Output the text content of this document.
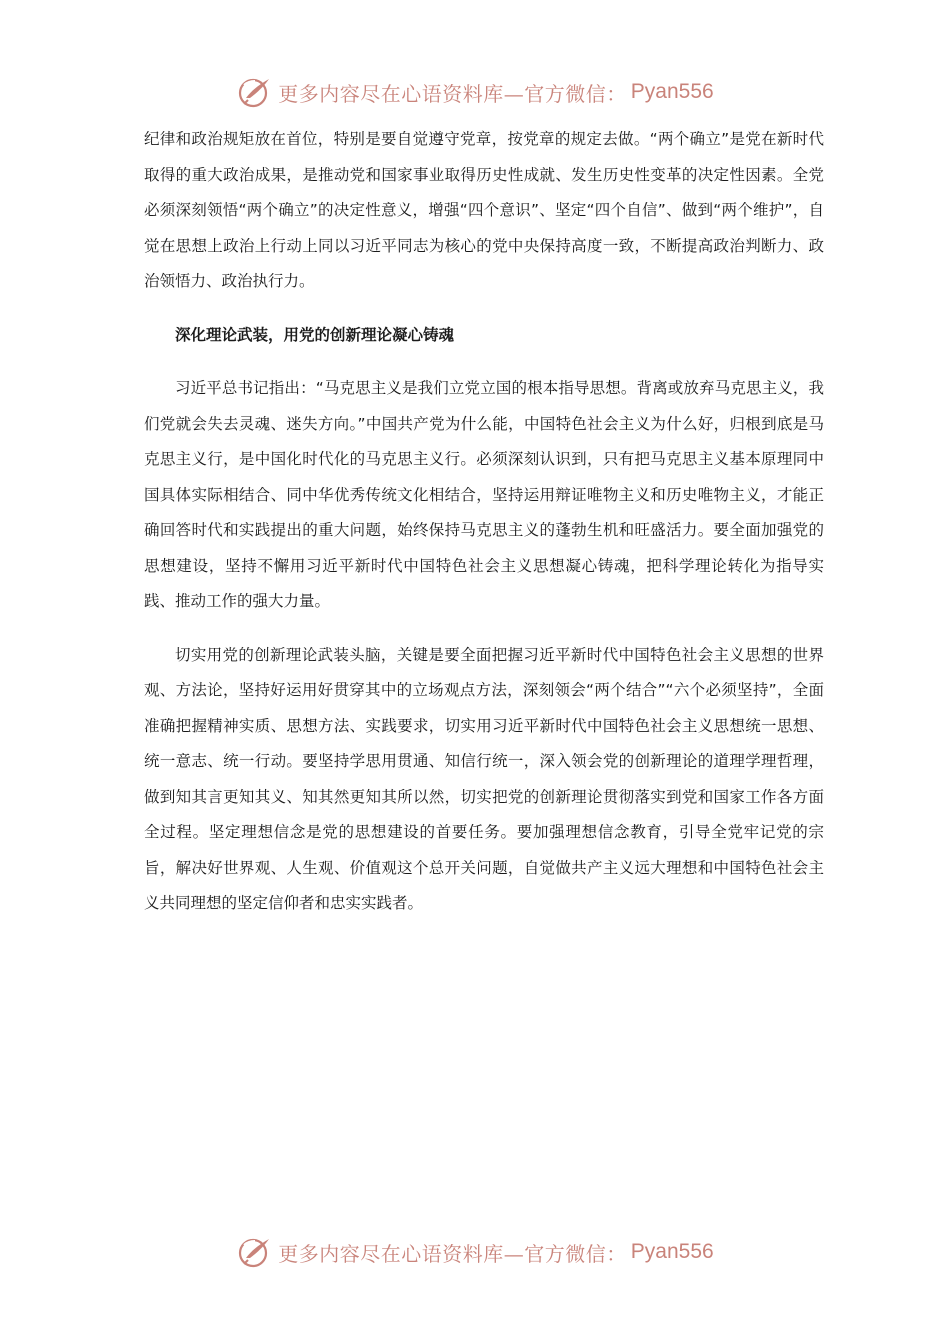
更多内容尽在心语资料库—官方微信： Pyan556

纪律和政治规矩放在首位，特别是要自觉遵守党章，按党章的规定去做。“两个确立”是党在新时代取得的重大政治成果，是推动党和国家事业取得历史性成就、发生历史性变革的决定性因素。全党必须深刻领悟“两个确立”的决定性意义，增强“四个意识”、坚定“四个自信”、做到“两个维护”，自觉在思想上政治上行动上同以习近平同志为核心的党中央保持高度一致，不断提高政治判断力、政治领悟力、政治执行力。

深化理论武装，用党的创新理论凝心铸魂

习近平总书记指出：“马克思主义是我们立党立国的根本指导思想。背离或放弃马克思主义，我们党就会失去灵魂、迷失方向。”中国共产党为什么能，中国特色社会主义为什么好，归根到底是马克思主义行，是中国化时代化的马克思主义行。必须深刻认识到，只有把马克思主义基本原理同中国具体实际相结合、同中华优秀传统文化相结合，坚持运用辩证唯物主义和历史唯物主义，才能正确回答时代和实践提出的重大问题，始终保持马克思主义的蓬勃生机和旺盛活力。要全面加强党的思想建设，坚持不懈用习近平新时代中国特色社会主义思想凝心铸魂，把科学理论转化为指导实践、推动工作的强大力量。

切实用党的创新理论武装头脑，关键是要全面把握习近平新时代中国特色社会主义思想的世界观、方法论，坚持好运用好贯穿其中的立场观点方法，深刻领会“两个结合”“六个必须坚持”，全面准确把握精神实质、思想方法、实践要求，切实用习近平新时代中国特色社会主义思想统一思想、统一意志、统一行动。要坚持学思用贯通、知信行统一，深入领会党的创新理论的道理学理哲理，做到知其言更知其义、知其然更知其所以然，切实把党的创新理论贯彻落实到党和国家工作各方面全过程。坚定理想信念是党的思想建设的首要任务。要加强理想信念教育，引导全党牢记党的宗旨，解决好世界观、人生观、价值观这个总开关问题，自觉做共产主义远大理想和中国特色社会主义共同理想的坚定信仰者和忠实实践者。

更多内容尽在心语资料库—官方微信： Pyan556
